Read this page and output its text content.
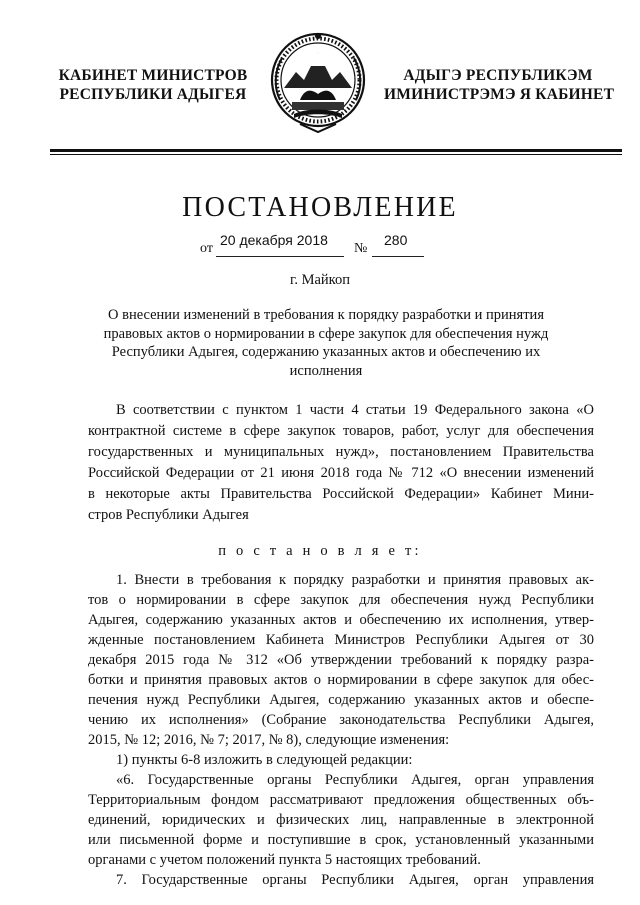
КАБИНЕТ МИНИСТРОВ
РЕСПУБЛИКИ АДЫГЕЯ
АДЫГЭ РЕСПУБЛИКЭМ
ИМИНИСТРЭМЭ Я КАБИНЕТ
ПОСТАНОВЛЕНИЕ
от
20 декабря 2018
№
280
г. Майкоп
О внесении изменений в требования к порядку разработки и принятия
правовых актов о нормировании в сфере закупок для обеспечения нужд
Республики Адыгея, содержанию указанных актов и обеспечению их
исполнения
В соответствии с пунктом 1 части 4 статьи 19 Федерального закона «О
контрактной системе в сфере закупок товаров, работ, услуг для обеспечения
государственных и муниципальных нужд», постановлением Правительства
Российской Федерации от 21 июня 2018 года № 712 «О внесении изменений
в некоторые акты Правительства Российской Федерации» Кабинет Мини-
стров Республики Адыгея
п о с т а н о в л я е т:
1. Внести в требования к порядку разработки и принятия правовых ак-
тов о нормировании в сфере закупок для обеспечения нужд Республики
Адыгея, содержанию указанных актов и обеспечению их исполнения, утвер-
жденные постановлением Кабинета Министров Республики Адыгея от 30
декабря 2015 года № 312 «Об утверждении требований к порядку разра-
ботки и принятия правовых актов о нормировании в сфере закупок для обес-
печения нужд Республики Адыгея, содержанию указанных актов и обеспе-
чению их исполнения» (Собрание законодательства Республики Адыгея,
2015, № 12; 2016, № 7; 2017, № 8), следующие изменения:
1) пункты 6-8 изложить в следующей редакции:
«6. Государственные органы Республики Адыгея, орган управления
Территориальным фондом рассматривают предложения общественных объ-
единений, юридических и физических лиц, направленные в электронной
или письменной форме и поступившие в срок, установленный указанными
органами с учетом положений пункта 5 настоящих требований.
7. Государственные органы Республики Адыгея, орган управления
